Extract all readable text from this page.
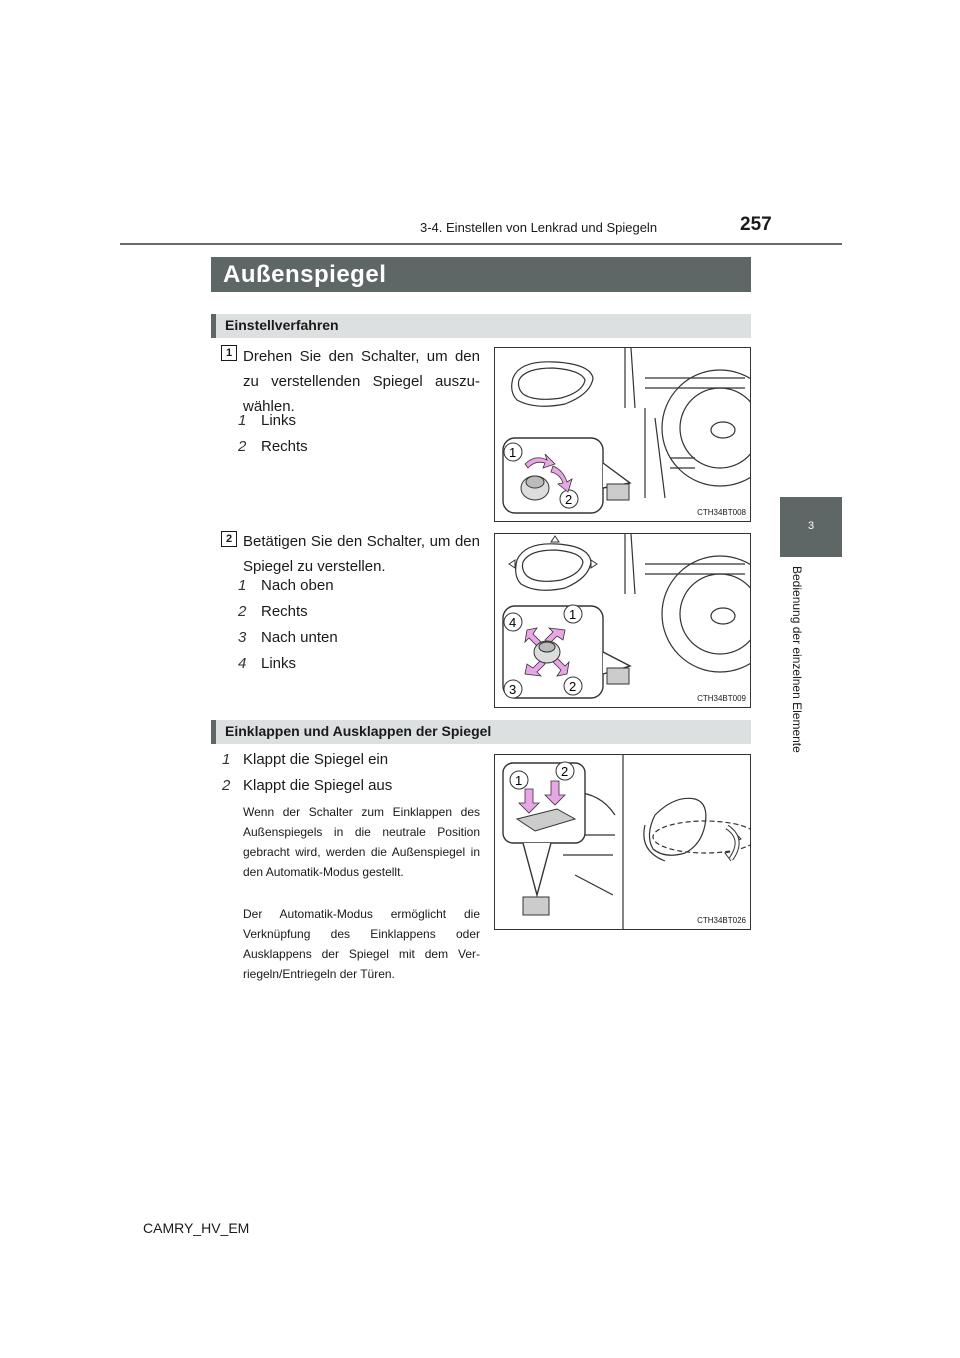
3-4. Einstellen von Lenkrad und Spiegeln	257
3
Bedienung der einzelnen Elemente
Außenspiegel
Einstellverfahren
1 Drehen Sie den Schalter, um den zu verstellenden Spiegel auszu-wählen.
1 Links
2 Rechts	1
2
CTH34BT008
2 Betätigen Sie den Schalter, um den Spiegel zu verstellen.
1 Nach oben
2 Rechts
3 Nach unten
4 Links
4
1
2
3
CTH34BT009
Einklappen und Ausklappen der Spiegel
1 Klappt die Spiegel ein
2 Klappt die Spiegel aus
Wenn der Schalter zum Einklappen des Außenspiegels in die neutrale Position gebracht wird, werden die Außenspiegel in den Automatik-Modus gestellt.
Der Automatik-Modus ermöglicht die Verknüpfung des Einklappens oder Ausklappens der Spiegel mit dem Ver-riegeln/Entriegeln der Türen.
1
2
CTH34BT026
CAMRY_HV_EM
